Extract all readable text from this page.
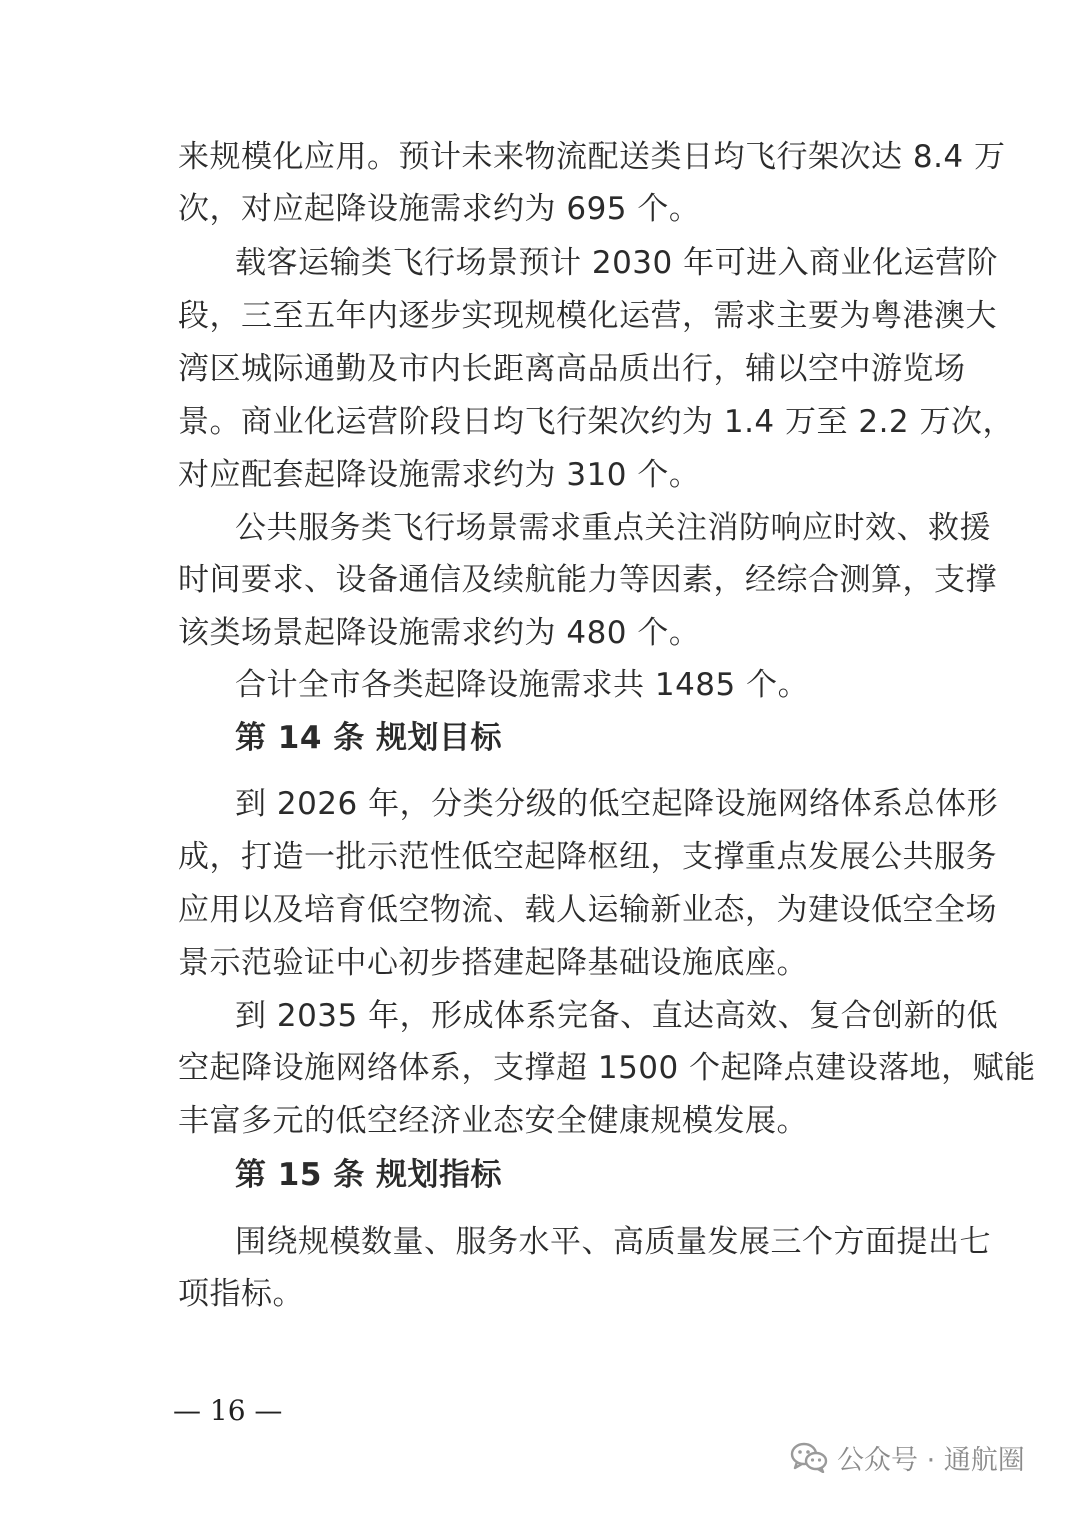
来规模化应用。预计未来物流配送类日均飞行架次达 8.4 万
次，对应起降设施需求约为 695 个。
载客运输类飞行场景预计 2030 年可进入商业化运营阶
段，三至五年内逐步实现规模化运营，需求主要为粤港澳大
湾区城际通勤及市内长距离高品质出行，辅以空中游览场
景。商业化运营阶段日均飞行架次约为 1.4 万至 2.2 万次，
对应配套起降设施需求约为 310 个。
公共服务类飞行场景需求重点关注消防响应时效、救援
时间要求、设备通信及续航能力等因素，经综合测算，支撑
该类场景起降设施需求约为 480 个。
合计全市各类起降设施需求共 1485 个。
第 14 条 规划目标
到 2026 年，分类分级的低空起降设施网络体系总体形
成，打造一批示范性低空起降枢纽，支撑重点发展公共服务
应用以及培育低空物流、载人运输新业态，为建设低空全场
景示范验证中心初步搭建起降基础设施底座。
到 2035 年，形成体系完备、直达高效、复合创新的低
空起降设施网络体系，支撑超 1500 个起降点建设落地，赋能
丰富多元的低空经济业态安全健康规模发展。
第 15 条 规划指标
围绕规模数量、服务水平、高质量发展三个方面提出七
项指标。
— 16 —
公众号 · 通航圈
